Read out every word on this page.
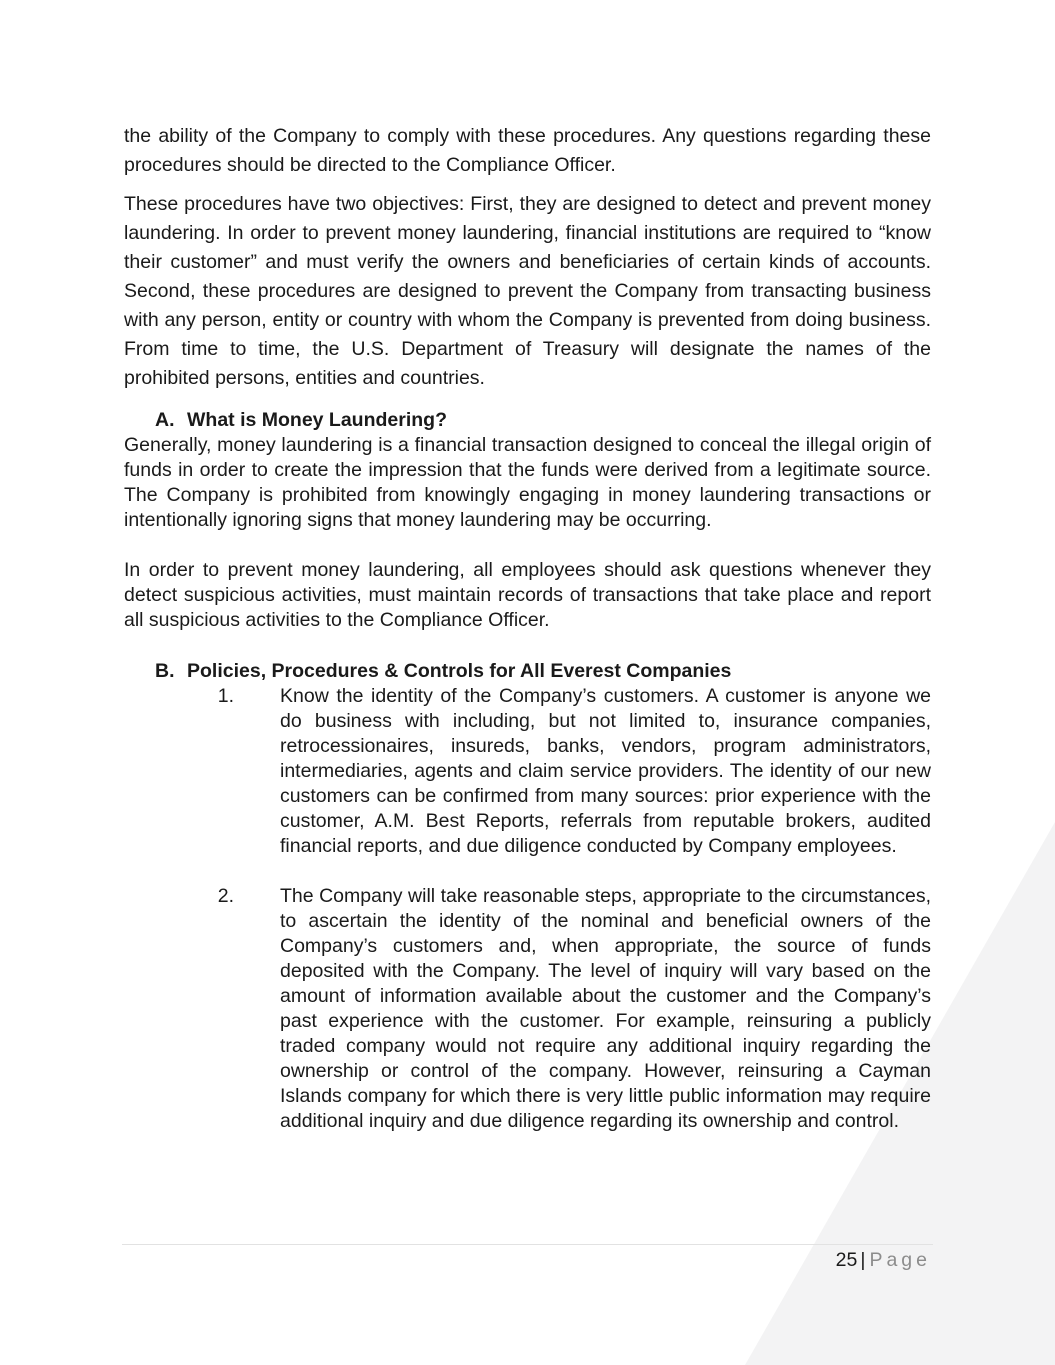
the ability of the Company to comply with these procedures. Any questions regarding these procedures should be directed to the Compliance Officer.

These procedures have two objectives: First, they are designed to detect and prevent money laundering. In order to prevent money laundering, financial institutions are required to “know their customer” and must verify the owners and beneficiaries of certain kinds of accounts. Second, these procedures are designed to prevent the Company from transacting business with any person, entity or country with whom the Company is prevented from doing business. From time to time, the U.S. Department of Treasury will designate the names of the prohibited persons, entities and countries.

A. What is Money Laundering?

Generally, money laundering is a financial transaction designed to conceal the illegal origin of funds in order to create the impression that the funds were derived from a legitimate source. The Company is prohibited from knowingly engaging in money laundering transactions or intentionally ignoring signs that money laundering may be occurring.

In order to prevent money laundering, all employees should ask questions whenever they detect suspicious activities, must maintain records of transactions that take place and report all suspicious activities to the Compliance Officer.

B. Policies, Procedures & Controls for All Everest Companies
1. Know the identity of the Company’s customers. A customer is anyone we do business with including, but not limited to, insurance companies, retrocessionaires, insureds, banks, vendors, program administrators, intermediaries, agents and claim service providers. The identity of our new customers can be confirmed from many sources: prior experience with the customer, A.M. Best Reports, referrals from reputable brokers, audited financial reports, and due diligence conducted by Company employees.
2. The Company will take reasonable steps, appropriate to the circumstances, to ascertain the identity of the nominal and beneficial owners of the Company’s customers and, when appropriate, the source of funds deposited with the Company. The level of inquiry will vary based on the amount of information available about the customer and the Company’s past experience with the customer. For example, reinsuring a publicly traded company would not require any additional inquiry regarding the ownership or control of the company. However, reinsuring a Cayman Islands company for which there is very little public information may require additional inquiry and due diligence regarding its ownership and control.
25 | Page
